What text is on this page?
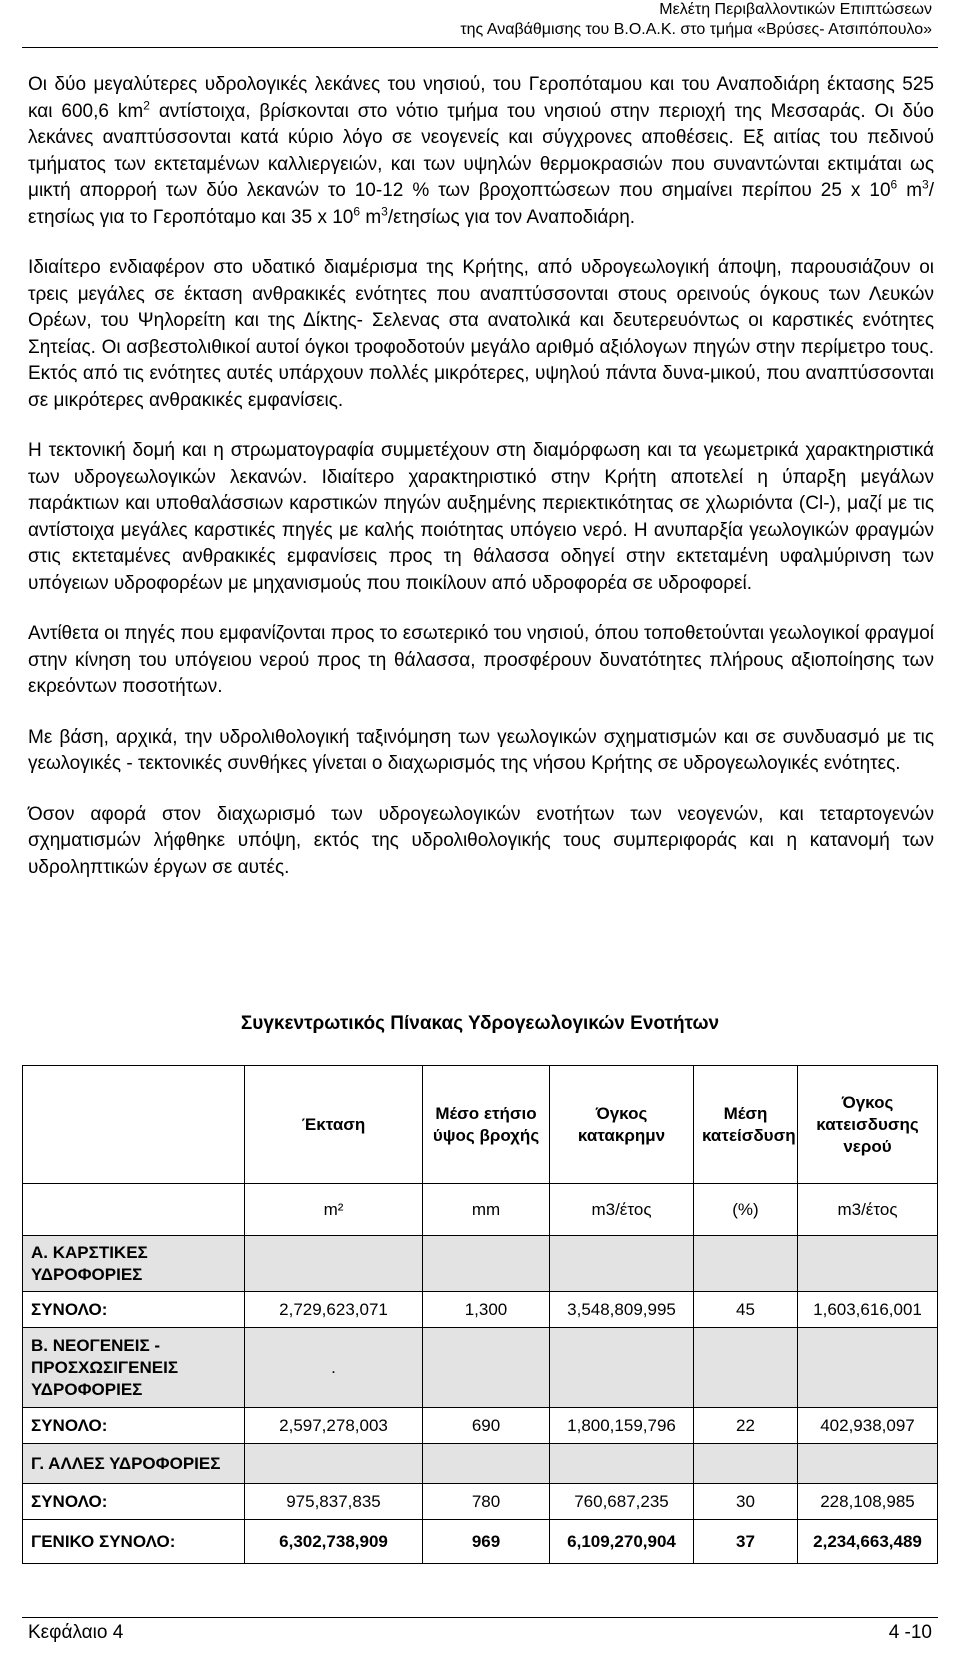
Μελέτη Περιβαλλοντικών Επιπτώσεων
της Αναβάθμισης του Β.Ο.Α.Κ. στο τμήμα «Βρύσες- Ατσιπόπουλο»

Οι δύο μεγαλύτερες υδρολογικές λεκάνες του νησιού, του Γεροπόταμου και του Αναποδιάρη έκτασης 525 και 600,6 $km^2$ αντίστοιχα, βρίσκονται στο νότιο τμήμα του νησιού στην περιοχή της Μεσσαράς. Οι δύο λεκάνες αναπτύσσονται κατά κύριο λόγο σε νεογενείς και σύγχρονες αποθέσεις. Εξ αιτίας του πεδινού τμήματος των εκτεταμένων καλλιεργειών, και των υψηλών θερμοκρασιών που συναντώνται εκτιμάται ως μικτή απορροή των δύο λεκανών το 10-12 % των βροχοπτώσεων που σημαίνει περίπου 25 x $10^6$ $m^3$/ετησίως για το Γεροπόταμο και 35 x $10^6$ $m^3$/ετησίως για τον Αναποδιάρη.

Ιδιαίτερο ενδιαφέρον στο υδατικό διαμέρισμα της Κρήτης, από υδρογεωλογική άποψη, παρουσιάζουν οι τρεις μεγάλες σε έκταση ανθρακικές ενότητες που αναπτύσσονται στους ορεινούς όγκους των Λευκών Ορέων, του Ψηλορείτη και της Δίκτης- Σελενας στα ανατολικά και δευτερευόντως οι καρστικές ενότητες Σητείας. Οι ασβεστολιθικοί αυτοί όγκοι τροφοδοτούν μεγάλο αριθμό αξιόλογων πηγών στην περίμετρο τους. Εκτός από τις ενότητες αυτές υπάρχουν πολλές μικρότερες, υψηλού πάντα δυνα-μικού, που αναπτύσσονται σε μικρότερες ανθρακικές εμφανίσεις.

Η τεκτονική δομή και η στρωματογραφία συμμετέχουν στη διαμόρφωση και τα γεωμετρικά χαρακτηριστικά των υδρογεωλογικών λεκανών. Ιδιαίτερο χαρακτηριστικό στην Κρήτη αποτελεί η ύπαρξη μεγάλων παράκτιων και υποθαλάσσιων καρστικών πηγών αυξημένης περιεκτικότητας σε χλωριόντα (Cl-), μαζί με τις αντίστοιχα μεγάλες καρστικές πηγές με καλής ποιότητας υπόγειο νερό. Η ανυπαρξία γεωλογικών φραγμών στις εκτεταμένες ανθρακικές εμφανίσεις προς τη θάλασσα οδηγεί στην εκτεταμένη υφαλμύρινση των υπόγειων υδροφορέων με μηχανισμούς που ποικίλουν από υδροφορέα σε υδροφορεί.

Αντίθετα οι πηγές που εμφανίζονται προς το εσωτερικό του νησιού, όπου τοποθετούνται γεωλογικοί φραγμοί στην κίνηση του υπόγειου νερού προς τη θάλασσα, προσφέρουν δυνατότητες πλήρους αξιοποίησης των εκρεόντων ποσοτήτων.

Με βάση, αρχικά, την υδρολιθολογική ταξινόμηση των γεωλογικών σχηματισμών και σε συνδυασμό με τις γεωλογικές - τεκτονικές συνθήκες γίνεται ο διαχωρισμός της νήσου Κρήτης σε υδρογεωλογικές ενότητες.

Όσον αφορά στον διαχωρισμό των υδρογεωλογικών ενοτήτων των νεογενών, και τεταρτογενών σχηματισμών λήφθηκε υπόψη, εκτός της υδρολιθολογικής τους συμπεριφοράς και η κατανομή των υδροληπτικών έργων σε αυτές.

Συγκεντρωτικός Πίνακας Υδρογεωλογικών Ενοτήτων
	Έκταση	Μέσο ετήσιο ύψος βροχής	Όγκος κατακρημν	Μέση κατείσδυση	Όγκος κατεισδυσης νερού
	m²	mm	m3/έτος	(%)	m3/έτος
Α. ΚΑΡΣΤΙΚΕΣ ΥΔΡΟΦΟΡΙΕΣ					
ΣΥΝΟΛΟ:	2,729,623,071	1,300	3,548,809,995	45	1,603,616,001
Β. ΝΕΟΓΕΝΕΙΣ - ΠΡΟΣΧΩΣΙΓΕΝΕΙΣ ΥΔΡΟΦΟΡΙΕΣ	.				
ΣΥΝΟΛΟ:	2,597,278,003	690	1,800,159,796	22	402,938,097
Γ. ΑΛΛΕΣ ΥΔΡΟΦΟΡΙΕΣ					
ΣΥΝΟΛΟ:	975,837,835	780	760,687,235	30	228,108,985
ΓΕΝΙΚΟ ΣΥΝΟΛΟ:	6,302,738,909	969	6,109,270,904	37	2,234,663,489
Κεφάλαιο 4	4 -10
